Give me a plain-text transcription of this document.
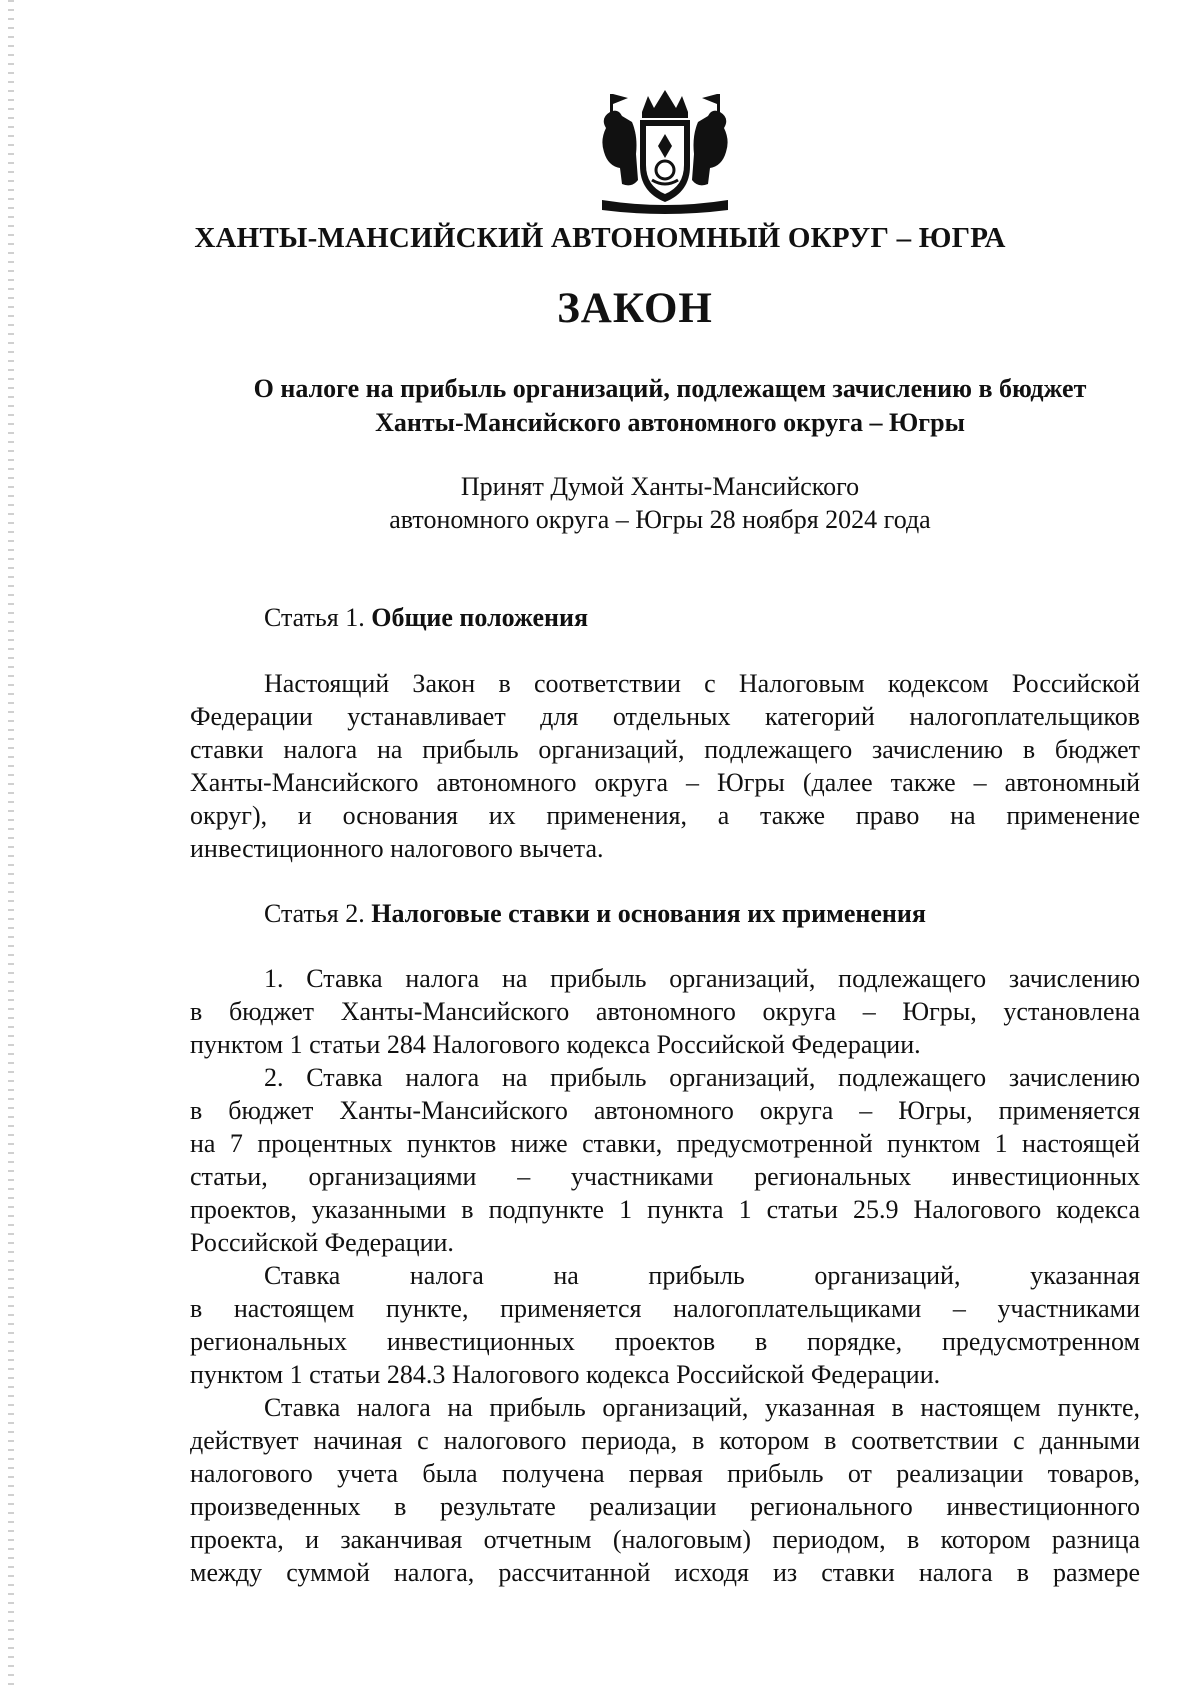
ХАНТЫ-МАНСИЙСКИЙ АВТОНОМНЫЙ ОКРУГ – ЮГРА
ЗАКОН
О налоге на прибыль организаций, подлежащем зачислению в бюджет
Ханты-Мансийского автономного округа – Югры
Принят Думой Ханты-Мансийского
автономного округа – Югры 28 ноября 2024 года
Статья 1. Общие положения
Настоящий Закон в соответствии с Налоговым кодексом Российской
Федерации устанавливает для отдельных категорий налогоплательщиков
ставки налога на прибыль организаций, подлежащего зачислению в бюджет
Ханты-Мансийского автономного округа – Югры (далее также – автономный
округ), и основания их применения, а также право на применение
инвестиционного налогового вычета.
Статья 2. Налоговые ставки и основания их применения
1. Ставка налога на прибыль организаций, подлежащего зачислению
в бюджет Ханты-Мансийского автономного округа – Югры, установлена
пунктом 1 статьи 284 Налогового кодекса Российской Федерации.
2. Ставка налога на прибыль организаций, подлежащего зачислению
в бюджет Ханты-Мансийского автономного округа – Югры, применяется
на 7 процентных пунктов ниже ставки, предусмотренной пунктом 1 настоящей
статьи, организациями – участниками региональных инвестиционных
проектов, указанными в подпункте 1 пункта 1 статьи 25.9 Налогового кодекса
Российской Федерации.
Ставка налога на прибыль организаций, указанная
в настоящем пункте, применяется налогоплательщиками – участниками
региональных инвестиционных проектов в порядке, предусмотренном
пунктом 1 статьи 284.3 Налогового кодекса Российской Федерации.
Ставка налога на прибыль организаций, указанная в настоящем пункте,
действует начиная с налогового периода, в котором в соответствии с данными
налогового учета была получена первая прибыль от реализации товаров,
произведенных в результате реализации регионального инвестиционного
проекта, и заканчивая отчетным (налоговым) периодом, в котором разница
между суммой налога, рассчитанной исходя из ставки налога в размере
